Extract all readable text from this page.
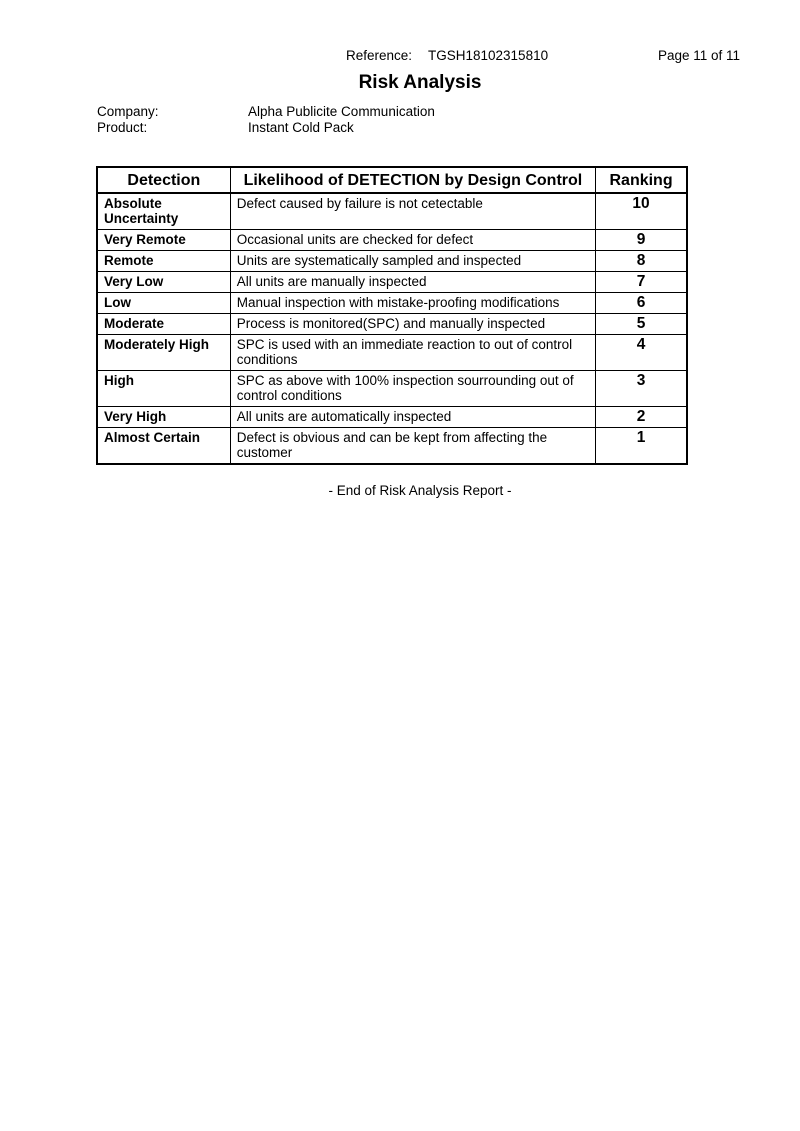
Reference: TGSH18102315810	Page 11 of 11
Risk Analysis
Company:	Alpha Publicite Communication
Product:	Instant Cold Pack
Detection	Likelihood of DETECTION by Design Control	Ranking
Absolute Uncertainty	Defect caused by failure is not cetectable	10
Very Remote	Occasional units are checked for defect	9
Remote	Units are systematically sampled and inspected	8
Very Low	All units are manually inspected	7
Low	Manual inspection with mistake-proofing modifications	6
Moderate	Process is monitored(SPC) and manually inspected	5
Moderately High	SPC is used with an immediate reaction to out of control conditions	4
High	SPC as above with 100% inspection sourrounding out of control conditions	3
Very High	All units are automatically inspected	2
Almost Certain	Defect is obvious and can be kept from affecting the customer	1
- End of Risk Analysis Report -
